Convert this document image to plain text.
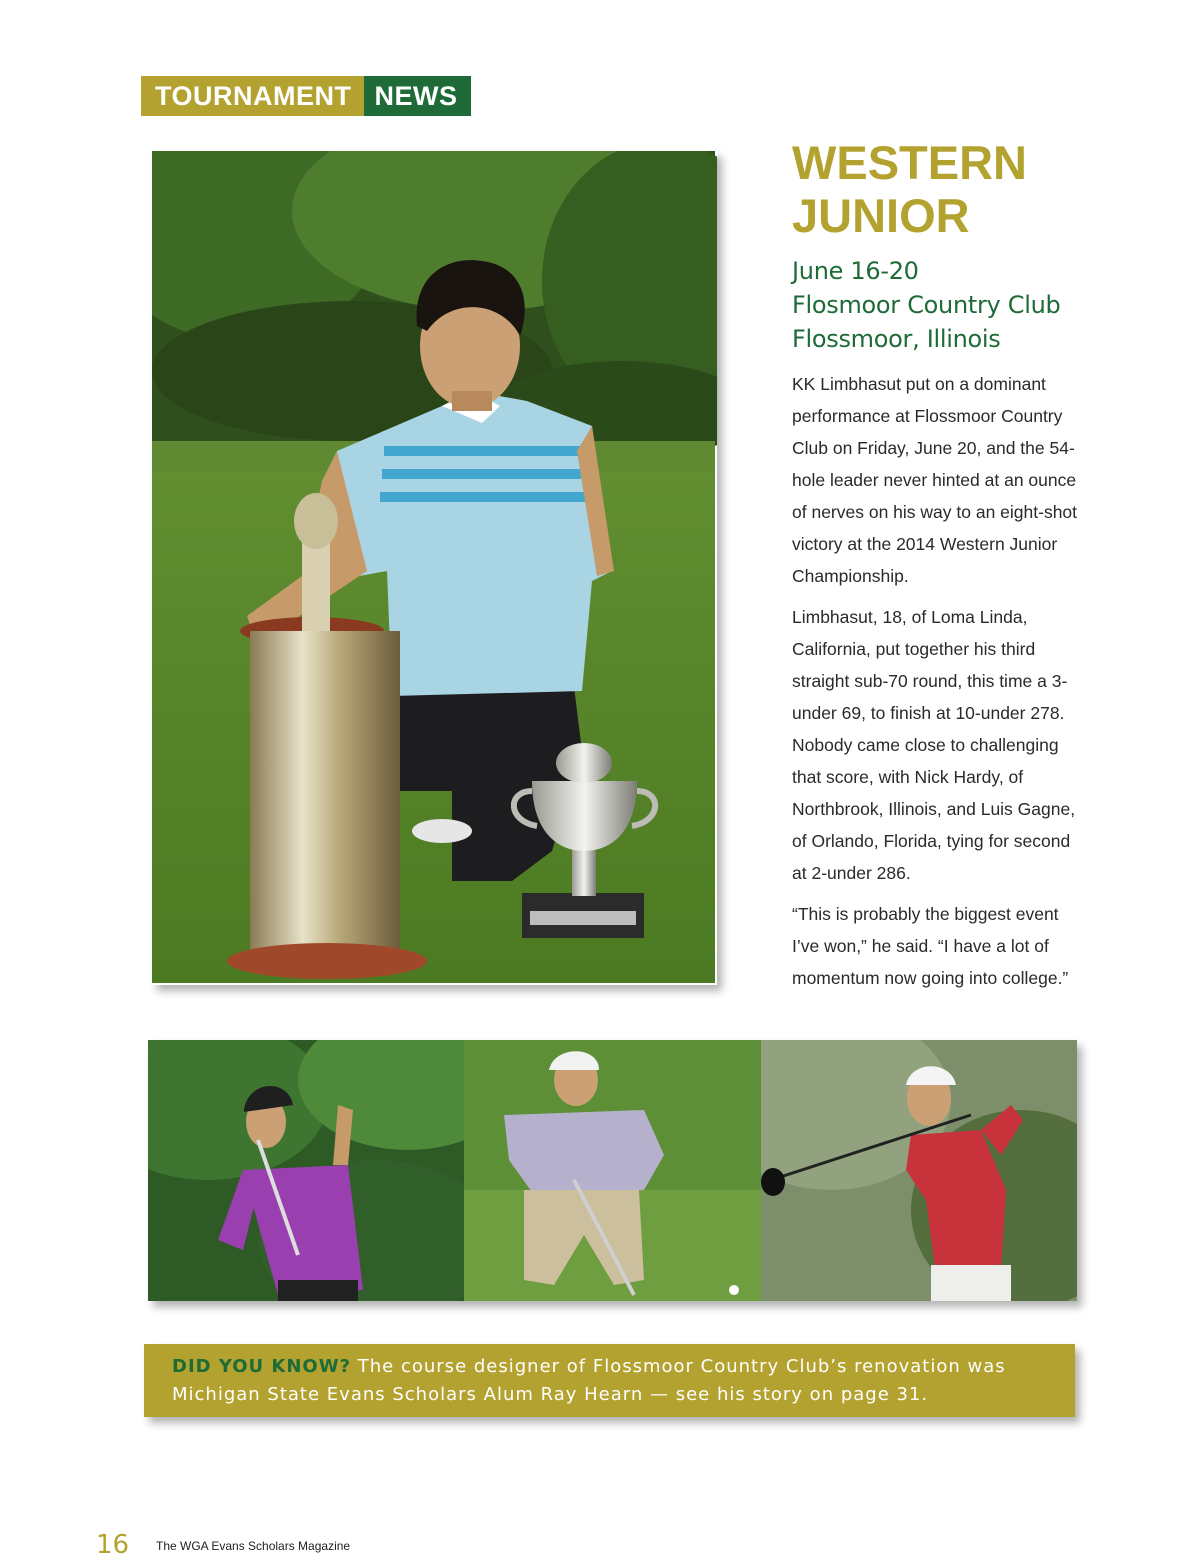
TOURNAMENT NEWS
WESTERN JUNIOR
June 16-20
Flosmoor Country Club
Flossmoor, Illinois

KK Limbhasut put on a dominant performance at Flossmoor Country Club on Friday, June 20, and the 54-hole leader never hinted at an ounce of nerves on his way to an eight-shot victory at the 2014 Western Junior Championship.

Limbhasut, 18, of Loma Linda, California, put together his third straight sub-70 round, this time a 3-under 69, to finish at 10-under 278. Nobody came close to challenging that score, with Nick Hardy, of Northbrook, Illinois, and Luis Gagne, of Orlando, Florida, tying for second at 2-under 286.

“This is probably the biggest event I’ve won,” he said. “I have a lot of momentum now going into college.”

DID YOU KNOW? The course designer of Flossmoor Country Club’s renovation was Michigan State Evans Scholars Alum Ray Hearn — see his story on page 31.
16 The WGA Evans Scholars Magazine
